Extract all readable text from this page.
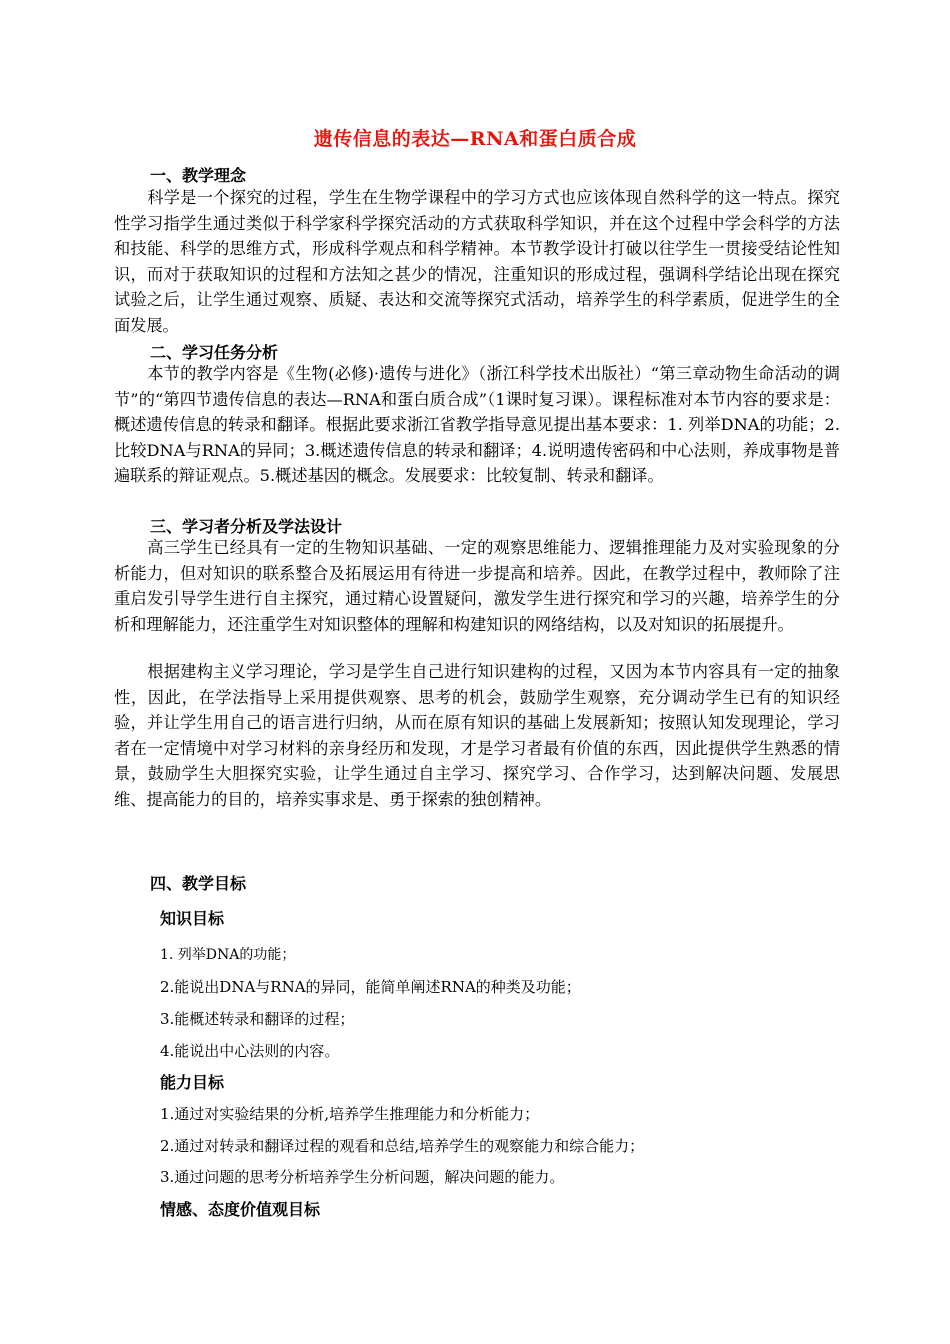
遗传信息的表达—RNA和蛋白质合成
一、教学理念
科学是一个探究的过程，学生在生物学课程中的学习方式也应该体现自然科学的这一特点。探究性学习指学生通过类似于科学家科学探究活动的方式获取科学知识，并在这个过程中学会科学的方法和技能、科学的思维方式，形成科学观点和科学精神。本节教学设计打破以往学生一贯接受结论性知识，而对于获取知识的过程和方法知之甚少的情况，注重知识的形成过程，强调科学结论出现在探究试验之后，让学生通过观察、质疑、表达和交流等探究式活动，培养学生的科学素质，促进学生的全面发展。
二、学习任务分析
本节的教学内容是《生物(必修)·遗传与进化》（浙江科学技术出版社）“第三章动物生命活动的调节”的“第四节遗传信息的表达—RNA和蛋白质合成”（1课时复习课）。课程标准对本节内容的要求是：概述遗传信息的转录和翻译。根据此要求浙江省教学指导意见提出基本要求：1. 列举DNA的功能；2.比较DNA与RNA的异同；3.概述遗传信息的转录和翻译；4.说明遗传密码和中心法则，养成事物是普遍联系的辩证观点。5.概述基因的概念。发展要求：比较复制、转录和翻译。
三、学习者分析及学法设计
高三学生已经具有一定的生物知识基础、一定的观察思维能力、逻辑推理能力及对实验现象的分析能力，但对知识的联系整合及拓展运用有待进一步提高和培养。因此，在教学过程中，教师除了注重启发引导学生进行自主探究，通过精心设置疑问，激发学生进行探究和学习的兴趣，培养学生的分析和理解能力，还注重学生对知识整体的理解和构建知识的网络结构，以及对知识的拓展提升。
根据建构主义学习理论，学习是学生自己进行知识建构的过程，又因为本节内容具有一定的抽象性，因此，在学法指导上采用提供观察、思考的机会，鼓励学生观察，充分调动学生已有的知识经验，并让学生用自己的语言进行归纳，从而在原有知识的基础上发展新知；按照认知发现理论，学习者在一定情境中对学习材料的亲身经历和发现，才是学习者最有价值的东西，因此提供学生熟悉的情景，鼓励学生大胆探究实验，让学生通过自主学习、探究学习、合作学习，达到解决问题、发展思维、提高能力的目的，培养实事求是、勇于探索的独创精神。
四、教学目标
知识目标
1. 列举DNA的功能；
2.能说出DNA与RNA的异同，能简单阐述RNA的种类及功能；
3.能概述转录和翻译的过程；
4.能说出中心法则的内容。
能力目标
1.通过对实验结果的分析,培养学生推理能力和分析能力；
2.通过对转录和翻译过程的观看和总结,培养学生的观察能力和综合能力；
3.通过问题的思考分析培养学生分析问题，解决问题的能力。
情感、态度价值观目标
